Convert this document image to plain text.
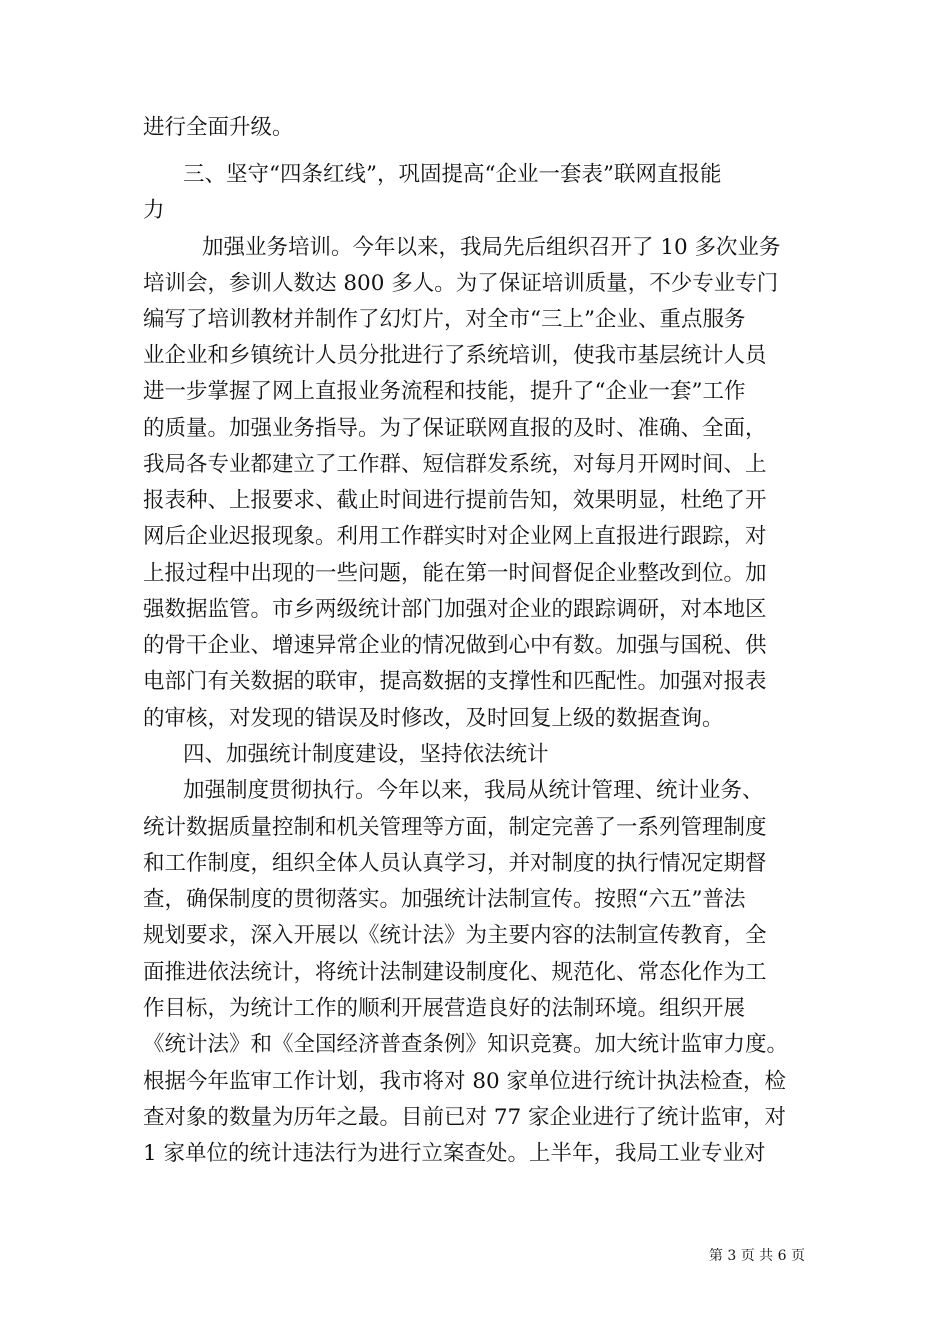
进行全面升级。
三、坚守“四条红线”，巩固提高“企业一套表”联网直报能
力
加强业务培训。今年以来，我局先后组织召开了 10 多次业务
培训会，参训人数达 800 多人。为了保证培训质量，不少专业专门
编写了培训教材并制作了幻灯片，对全市“三上”企业、重点服务
业企业和乡镇统计人员分批进行了系统培训，使我市基层统计人员
进一步掌握了网上直报业务流程和技能，提升了“企业一套”工作
的质量。加强业务指导。为了保证联网直报的及时、准确、全面，
我局各专业都建立了工作群、短信群发系统，对每月开网时间、上
报表种、上报要求、截止时间进行提前告知，效果明显，杜绝了开
网后企业迟报现象。利用工作群实时对企业网上直报进行跟踪，对
上报过程中出现的一些问题，能在第一时间督促企业整改到位。加
强数据监管。市乡两级统计部门加强对企业的跟踪调研，对本地区
的骨干企业、增速异常企业的情况做到心中有数。加强与国税、供
电部门有关数据的联审，提高数据的支撑性和匹配性。加强对报表
的审核，对发现的错误及时修改，及时回复上级的数据查询。
四、加强统计制度建设，坚持依法统计
加强制度贯彻执行。今年以来，我局从统计管理、统计业务、
统计数据质量控制和机关管理等方面，制定完善了一系列管理制度
和工作制度，组织全体人员认真学习，并对制度的执行情况定期督
查，确保制度的贯彻落实。加强统计法制宣传。按照“六五”普法
规划要求，深入开展以《统计法》为主要内容的法制宣传教育，全
面推进依法统计，将统计法制建设制度化、规范化、常态化作为工
作目标，为统计工作的顺利开展营造良好的法制环境。组织开展
《统计法》和《全国经济普查条例》知识竞赛。加大统计监审力度。
根据今年监审工作计划，我市将对 80 家单位进行统计执法检查，检
查对象的数量为历年之最。目前已对 77 家企业进行了统计监审，对
1 家单位的统计违法行为进行立案查处。上半年，我局工业专业对
第 3 页 共 6 页
